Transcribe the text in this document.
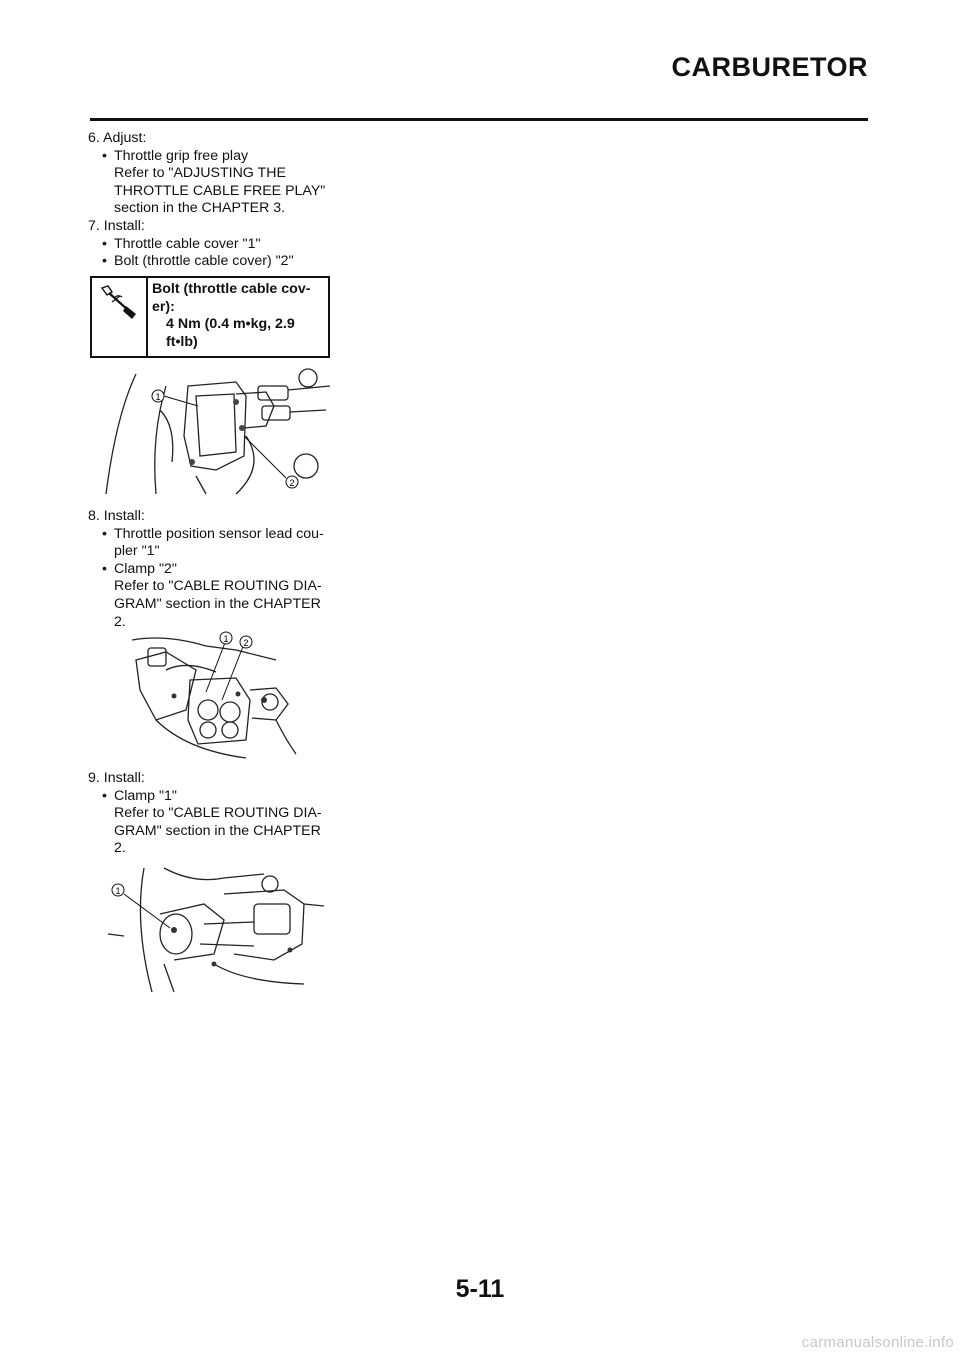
CARBURETOR
6. Adjust:
• Throttle grip free play
Refer to "ADJUSTING THE
THROTTLE CABLE FREE PLAY"
section in the CHAPTER 3.
7. Install:
• Throttle cable cover "1"
• Bolt (throttle cable cover) "2"
Bolt (throttle cable cov-
er):
4 Nm (0.4 m•kg, 2.9
ft•lb)
1
2
8. Install:
• Throttle position sensor lead cou-
pler "1"
• Clamp "2"
Refer to "CABLE ROUTING DIA-
GRAM" section in the CHAPTER
2.
1 2
9. Install:
• Clamp "1"
Refer to "CABLE ROUTING DIA-
GRAM" section in the CHAPTER
2.
1
5-11
carmanualsonline.info
